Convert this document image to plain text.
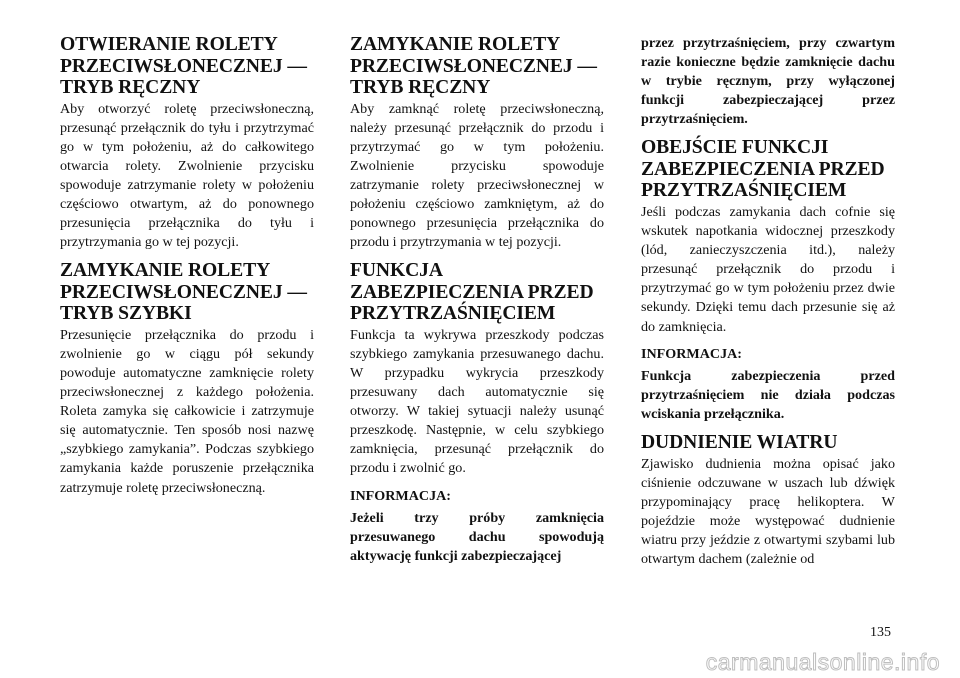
OTWIERANIE ROLETY PRZECIWSŁONECZNEJ — TRYB RĘCZNY

Aby otworzyć roletę przeciwsłoneczną, przesunąć przełącznik do tyłu i przytrzymać go w tym położeniu, aż do całkowitego otwarcia rolety. Zwolnienie przycisku spowoduje zatrzymanie rolety w położeniu częściowo otwartym, aż do ponownego przesunięcia przełącznika do tyłu i przytrzymania go w tej pozycji.

ZAMYKANIE ROLETY PRZECIWSŁONECZNEJ — TRYB SZYBKI

Przesunięcie przełącznika do przodu i zwolnienie go w ciągu pół sekundy powoduje automatyczne zamknięcie rolety przeciwsłonecznej z każdego położenia. Roleta zamyka się całkowicie i zatrzymuje się automatycznie. Ten sposób nosi nazwę „szybkiego zamykania”. Podczas szybkiego zamykania każde poruszenie przełącznika zatrzymuje roletę przeciwsłoneczną.

ZAMYKANIE ROLETY PRZECIWSŁONECZNEJ — TRYB RĘCZNY

Aby zamknąć roletę przeciwsłoneczną, należy przesunąć przełącznik do przodu i przytrzymać go w tym położeniu. Zwolnienie przycisku spowoduje zatrzymanie rolety przeciwsłonecznej w położeniu częściowo zamkniętym, aż do ponownego przesunięcia przełącznika do przodu i przytrzymania w tej pozycji.

FUNKCJA ZABEZPIECZENIA PRZED PRZYTRZAŚNIĘCIEM

Funkcja ta wykrywa przeszkody podczas szybkiego zamykania przesuwanego dachu. W przypadku wykrycia przeszkody przesuwany dach automatycznie się otworzy. W takiej sytuacji należy usunąć przeszkodę. Następnie, w celu szybkiego zamknięcia, przesunąć przełącznik do przodu i zwolnić go.

INFORMACJA:

Jeżeli trzy próby zamknięcia przesuwanego dachu spowodują aktywację funkcji zabezpieczającej

przez przytrzaśnięciem, przy czwartym razie konieczne będzie zamknięcie dachu w trybie ręcznym, przy wyłączonej funkcji zabezpieczającej przez przytrzaśnięciem.

OBEJŚCIE FUNKCJI ZABEZPIECZENIA PRZED PRZYTRZAŚNIĘCIEM

Jeśli podczas zamykania dach cofnie się wskutek napotkania widocznej przeszkody (lód, zanieczyszczenia itd.), należy przesunąć przełącznik do przodu i przytrzymać go w tym położeniu przez dwie sekundy. Dzięki temu dach przesunie się aż do zamknięcia.

INFORMACJA:

Funkcja zabezpieczenia przed przytrzaśnięciem nie działa podczas wciskania przełącznika.

DUDNIENIE WIATRU

Zjawisko dudnienia można opisać jako ciśnienie odczuwane w uszach lub dźwięk przypominający pracę helikoptera. W pojeździe może występować dudnienie wiatru przy jeździe z otwartymi szybami lub otwartym dachem (zależnie od

135
carmanualsonline.info
